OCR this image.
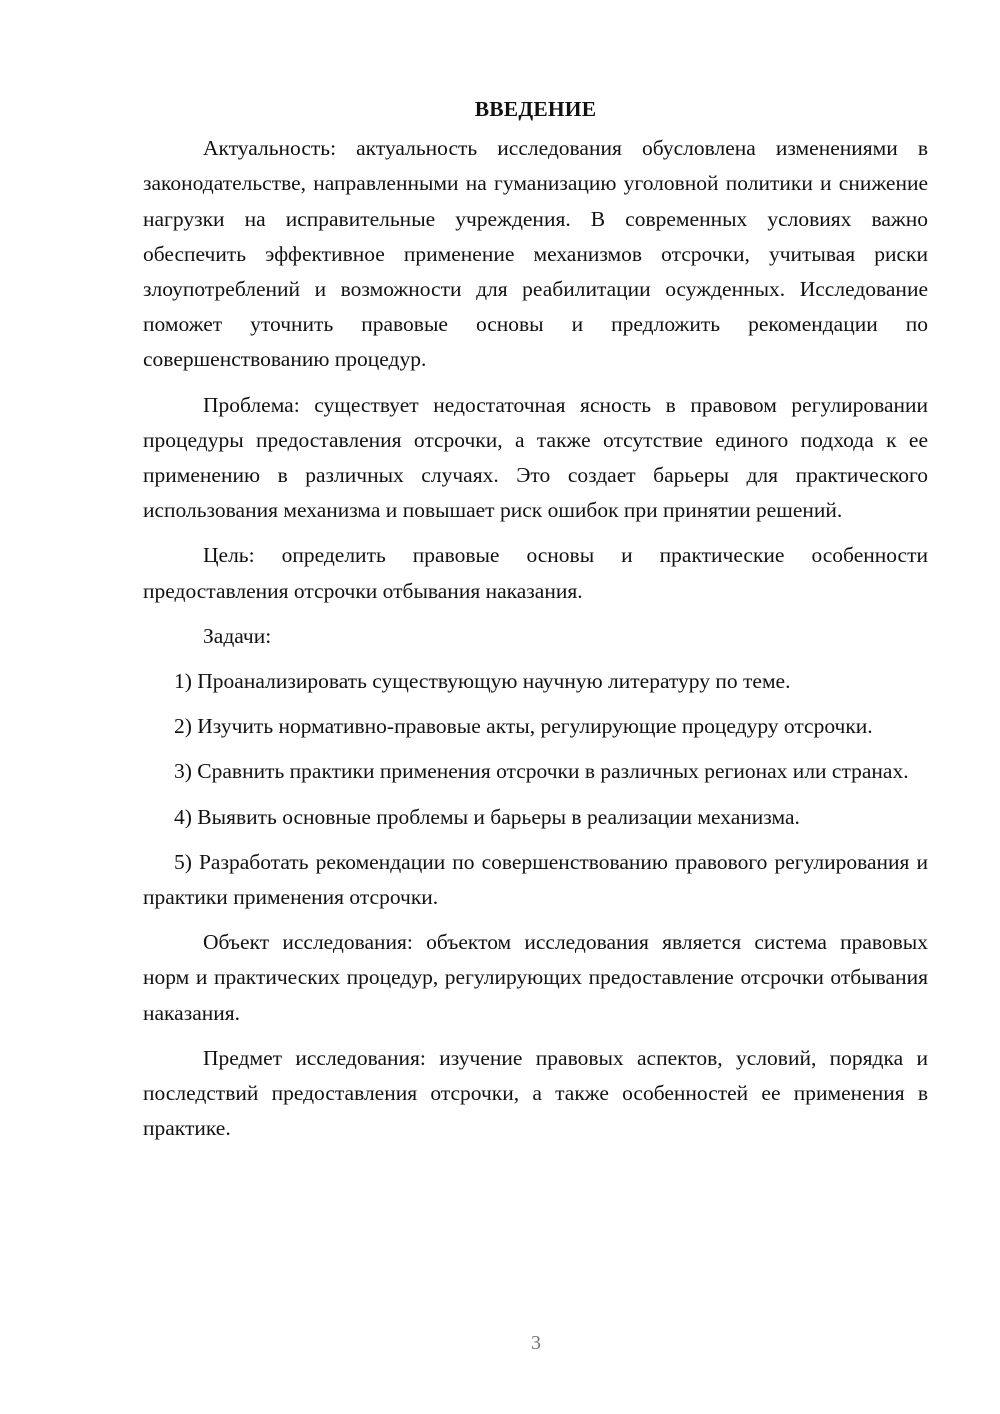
ВВЕДЕНИЕ

Актуальность: актуальность исследования обусловлена изменениями в законодательстве, направленными на гуманизацию уголовной политики и снижение нагрузки на исправительные учреждения. В современных условиях важно обеспечить эффективное применение механизмов отсрочки, учитывая риски злоупотреблений и возможности для реабилитации осужденных. Исследование поможет уточнить правовые основы и предложить рекомендации по совершенствованию процедур.

Проблема: существует недостаточная ясность в правовом регулировании процедуры предоставления отсрочки, а также отсутствие единого подхода к ее применению в различных случаях. Это создает барьеры для практического использования механизма и повышает риск ошибок при принятии решений.

Цель: определить правовые основы и практические особенности предоставления отсрочки отбывания наказания.

Задачи:

1) Проанализировать существующую научную литературу по теме.

2) Изучить нормативно-правовые акты, регулирующие процедуру отсрочки.

3) Сравнить практики применения отсрочки в различных регионах или странах.

4) Выявить основные проблемы и барьеры в реализации механизма.

5) Разработать рекомендации по совершенствованию правового регулирования и практики применения отсрочки.

Объект исследования: объектом исследования является система правовых норм и практических процедур, регулирующих предоставление отсрочки отбывания наказания.

Предмет исследования: изучение правовых аспектов, условий, порядка и последствий предоставления отсрочки, а также особенностей ее применения в практике.

3
